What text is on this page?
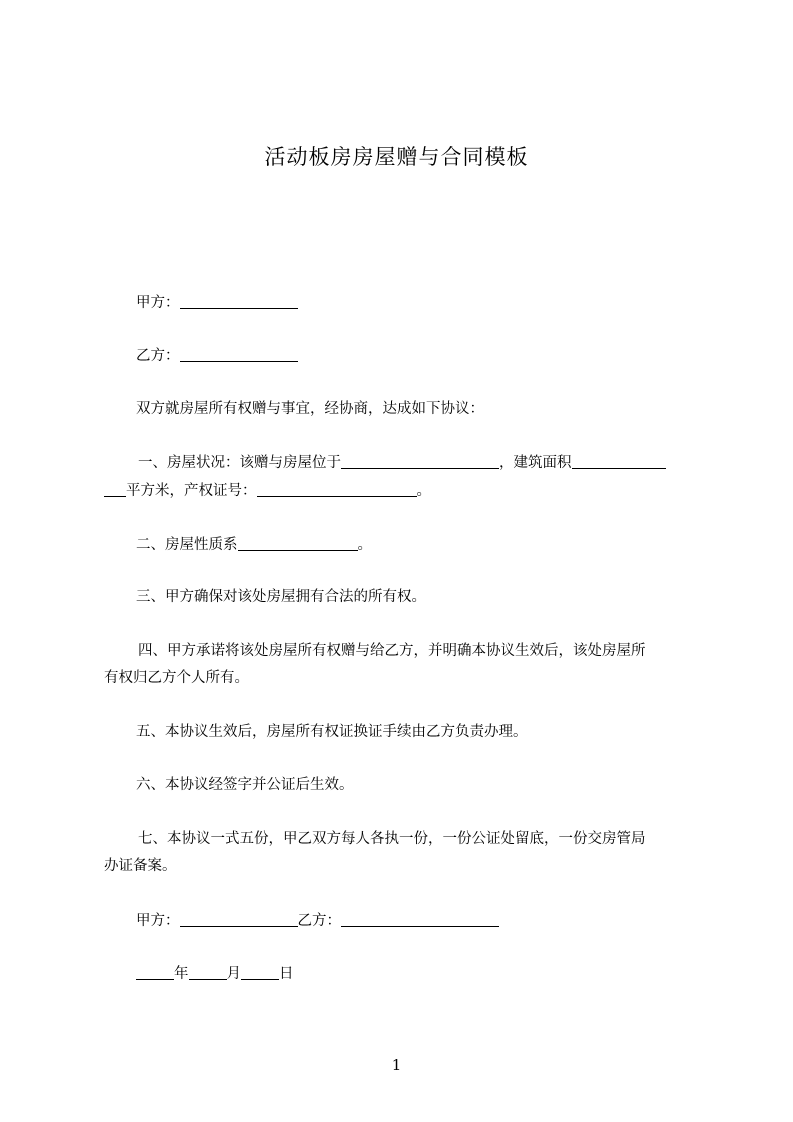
活动板房房屋赠与合同模板
甲方：
乙方：
双方就房屋所有权赠与事宜，经协商，达成如下协议：
一、房屋状况：该赠与房屋位于	，建筑面积
平方米，产权证号：	。
二、房屋性质系	。
三、甲方确保对该处房屋拥有合法的所有权。
四、甲方承诺将该处房屋所有权赠与给乙方，并明确本协议生效后，该处房屋所
有权归乙方个人所有。
五、本协议生效后，房屋所有权证换证手续由乙方负责办理。
六、本协议经签字并公证后生效。
七、本协议一式五份，甲乙双方每人各执一份，一份公证处留底，一份交房管局
办证备案。
甲方：	乙方：
年	月	日
1
